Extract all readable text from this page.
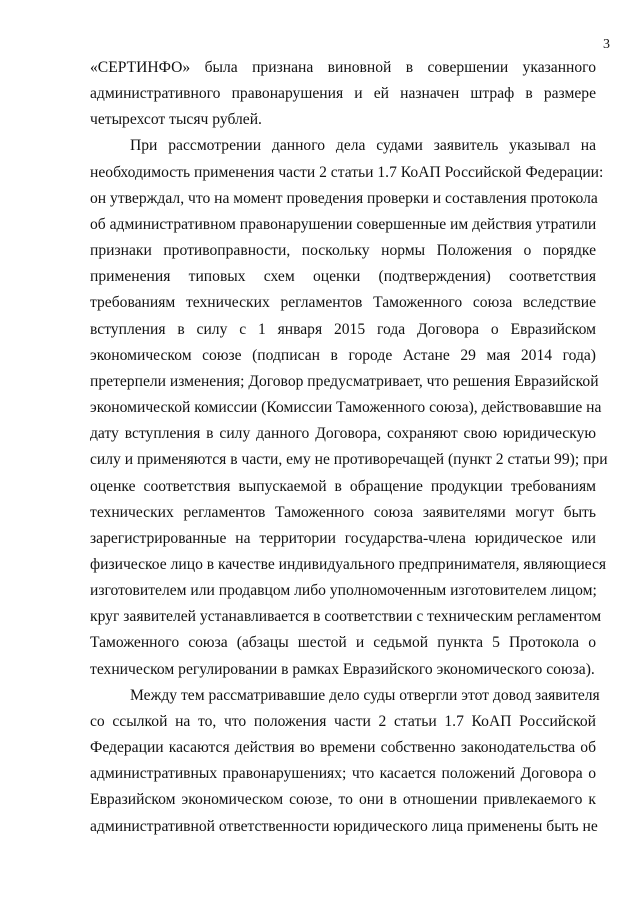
3

«СЕРТИНФО» была признана виновной в совершении указанного
административного правонарушения и ей назначен штраф в размере
четырехсот тысяч рублей.

При рассмотрении данного дела судами заявитель указывал на
необходимость применения части 2 статьи 1.7 КоАП Российской Федерации:
он утверждал, что на момент проведения проверки и составления протокола
об административном правонарушении совершенные им действия утратили
признаки противоправности, поскольку нормы Положения о порядке
применения типовых схем оценки (подтверждения) соответствия
требованиям технических регламентов Таможенного союза вследствие
вступления в силу с 1 января 2015 года Договора о Евразийском
экономическом союзе (подписан в городе Астане 29 мая 2014 года)
претерпели изменения; Договор предусматривает, что решения Евразийской
экономической комиссии (Комиссии Таможенного союза), действовавшие на
дату вступления в силу данного Договора, сохраняют свою юридическую
силу и применяются в части, ему не противоречащей (пункт 2 статьи 99); при
оценке соответствия выпускаемой в обращение продукции требованиям
технических регламентов Таможенного союза заявителями могут быть
зарегистрированные на территории государства-члена юридическое или
физическое лицо в качестве индивидуального предпринимателя, являющиеся
изготовителем или продавцом либо уполномоченным изготовителем лицом;
круг заявителей устанавливается в соответствии с техническим регламентом
Таможенного союза (абзацы шестой и седьмой пункта 5 Протокола о
техническом регулировании в рамках Евразийского экономического союза).

Между тем рассматривавшие дело суды отвергли этот довод заявителя
со ссылкой на то, что положения части 2 статьи 1.7 КоАП Российской
Федерации касаются действия во времени собственно законодательства об
административных правонарушениях; что касается положений Договора о
Евразийском экономическом союзе, то они в отношении привлекаемого к
административной ответственности юридического лица применены быть не
